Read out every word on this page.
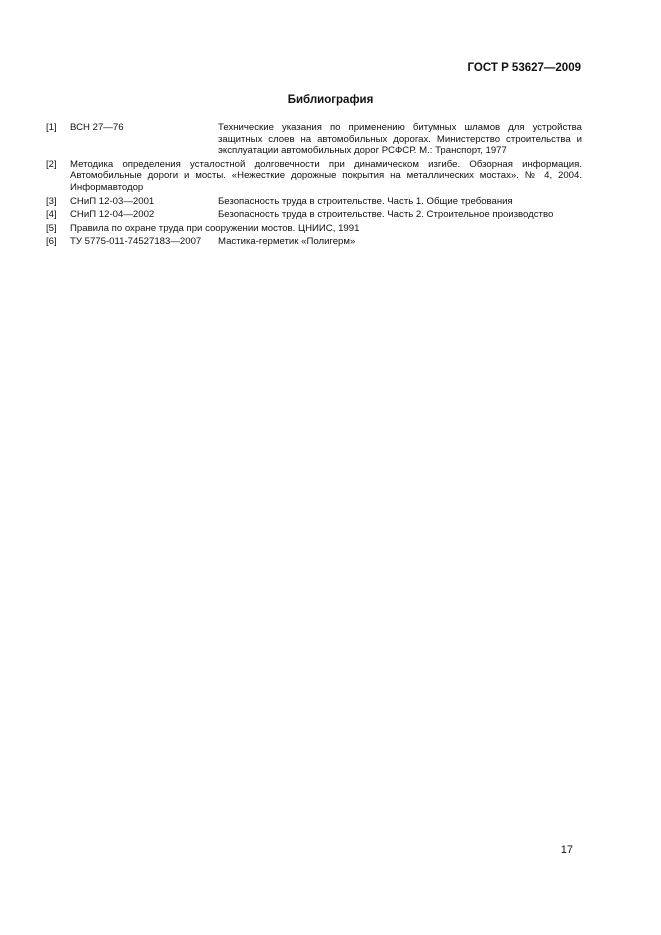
ГОСТ Р 53627—2009
Библиография
[1]	ВСН 27—76	Технические указания по применению битумных шламов для устройства защитных слоев на автомобильных дорогах. Министерство строительства и эксплуатации автомобильных дорог РСФСР. М.: Транспорт, 1977
[2]	Методика определения усталостной долговечности при динамическом изгибе. Обзорная информация. Автомобильные дороги и мосты. «Нежесткие дорожные покрытия на металлических мостах». № 4, 2004. Информавтодор
[3]	СНиП 12-03—2001	Безопасность труда в строительстве. Часть 1. Общие требования
[4]	СНиП 12-04—2002	Безопасность труда в строительстве. Часть 2. Строительное производство
[5]	Правила по охране труда при сооружении мостов. ЦНИИС, 1991
[6]	ТУ 5775-011-74527183—2007	Мастика-герметик «Полигерм»
17
